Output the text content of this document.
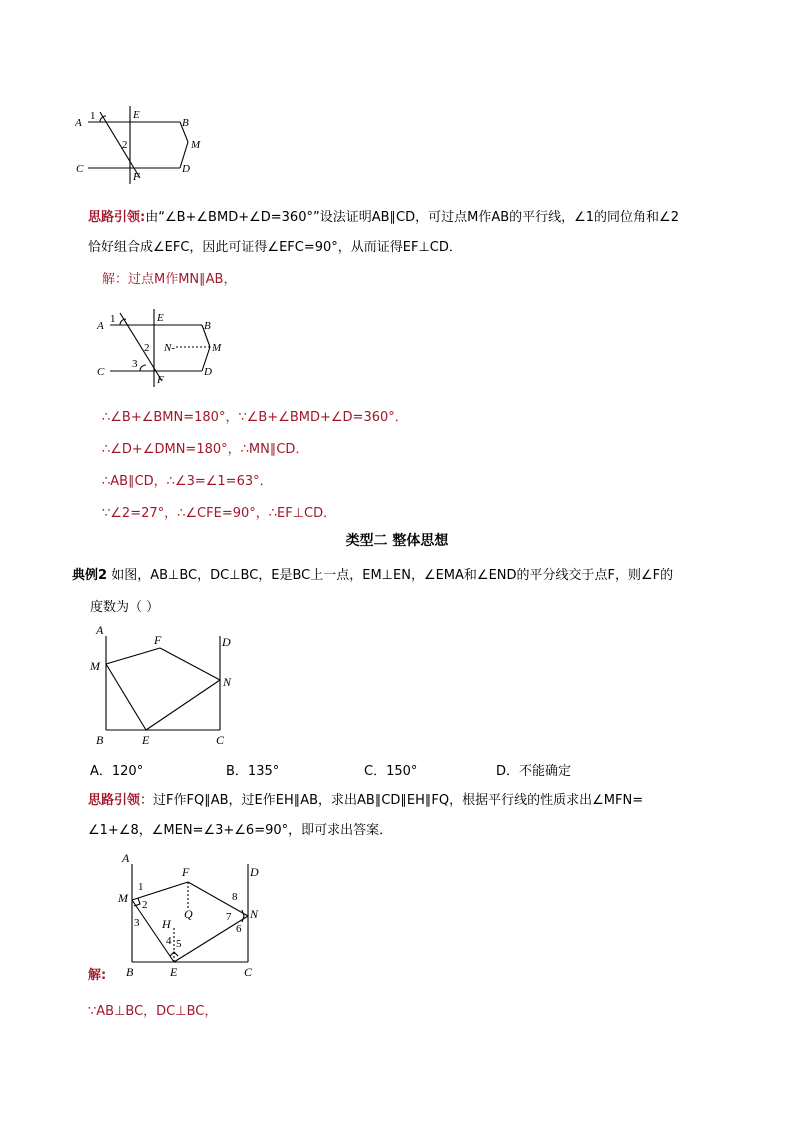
A
1	E
B
2	M
C
F
D
思路引领:由“∠B+∠BMD+∠D=360°”设法证明AB∥CD，可过点M作AB的平行线，∠1的同位角和∠2
恰好组合成∠EFC，因此可证得∠EFC=90°，从而证得EF⊥CD．
解：过点M作MN∥AB，
A
1	E
B
2 N-	M
3
C
F
D
∴∠B+∠BMN=180°，∵∠B+∠BMD+∠D=360°．
∴∠D+∠DMN=180°，∴MN∥CD．
∴AB∥CD，∴∠3=∠1=63°．
∵∠2=27°，∴∠CFE=90°，∴EF⊥CD．
类型二 整体思想
典例2 如图，AB⊥BC，DC⊥BC，E是BC上一点，EM⊥EN，∠EMA和∠END的平分线交于点F，则∠F的
度数为（ ）
A
F	D
M
N
B	E	C
A．120°	B．135°	C．150°	D．不能确定
思路引领：过F作FQ∥AB，过E作EH∥AB，求出AB∥CD∥EH∥FQ，根据平行线的性质求出∠MFN=
∠1+∠8，∠MEN=∠3+∠6=90°，即可求出答案．
A
F	D
1
8
M 2
Q	7 N
3 H	6
4 5
B	E	C
解:
∵AB⊥BC，DC⊥BC，
